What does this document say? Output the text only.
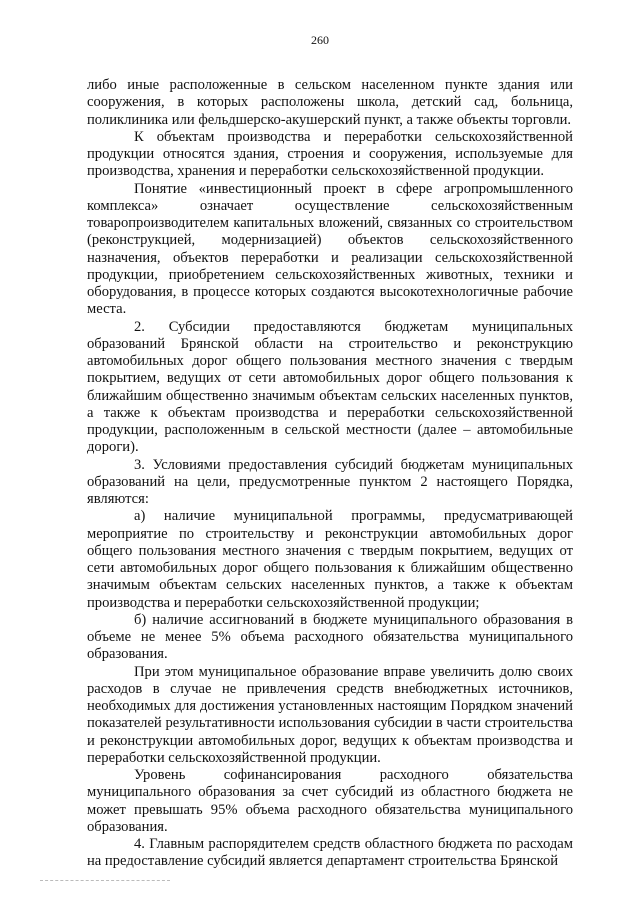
260

либо иные расположенные в сельском населенном пункте здания или сооружения, в которых расположены школа, детский сад, больница, поликлиника или фельдшерско-акушерский пункт, а также объекты торговли.

К объектам производства и переработки сельскохозяйственной продукции относятся здания, строения и сооружения, используемые для производства, хранения и переработки сельскохозяйственной продукции.

Понятие «инвестиционный проект в сфере агропромышленного комплекса» означает осуществление сельскохозяйственным товаропроизводителем капитальных вложений, связанных со строительством (реконструкцией, модернизацией) объектов сельскохозяйственного назначения, объектов переработки и реализации сельскохозяйственной продукции, приобретением сельскохозяйственных животных, техники и оборудования, в процессе которых создаются высокотехнологичные рабочие места.

2. Субсидии предоставляются бюджетам муниципальных образований Брянской области на строительство и реконструкцию автомобильных дорог общего пользования местного значения с твердым покрытием, ведущих от сети автомобильных дорог общего пользования к ближайшим общественно значимым объектам сельских населенных пунктов, а также к объектам производства и переработки сельскохозяйственной продукции, расположенным в сельской местности (далее – автомобильные дороги).

3. Условиями предоставления субсидий бюджетам муниципальных образований на цели, предусмотренные пунктом 2 настоящего Порядка, являются:

а) наличие муниципальной программы, предусматривающей мероприятие по строительству и реконструкции автомобильных дорог общего пользования местного значения с твердым покрытием, ведущих от сети автомобильных дорог общего пользования к ближайшим общественно значимым объектам сельских населенных пунктов, а также к объектам производства и переработки сельскохозяйственной продукции;

б) наличие ассигнований в бюджете муниципального образования в объеме не менее 5% объема расходного обязательства муниципального образования.

При этом муниципальное образование вправе увеличить долю своих расходов в случае не привлечения средств внебюджетных источников, необходимых для достижения установленных настоящим Порядком значений показателей результативности использования субсидии в части строительства и реконструкции автомобильных дорог, ведущих к объектам производства и переработки сельскохозяйственной продукции.

Уровень софинансирования расходного обязательства муниципального образования за счет субсидий из областного бюджета не может превышать 95% объема расходного обязательства муниципального образования.

4. Главным распорядителем средств областного бюджета по расходам на предоставление субсидий является департамент строительства Брянской
